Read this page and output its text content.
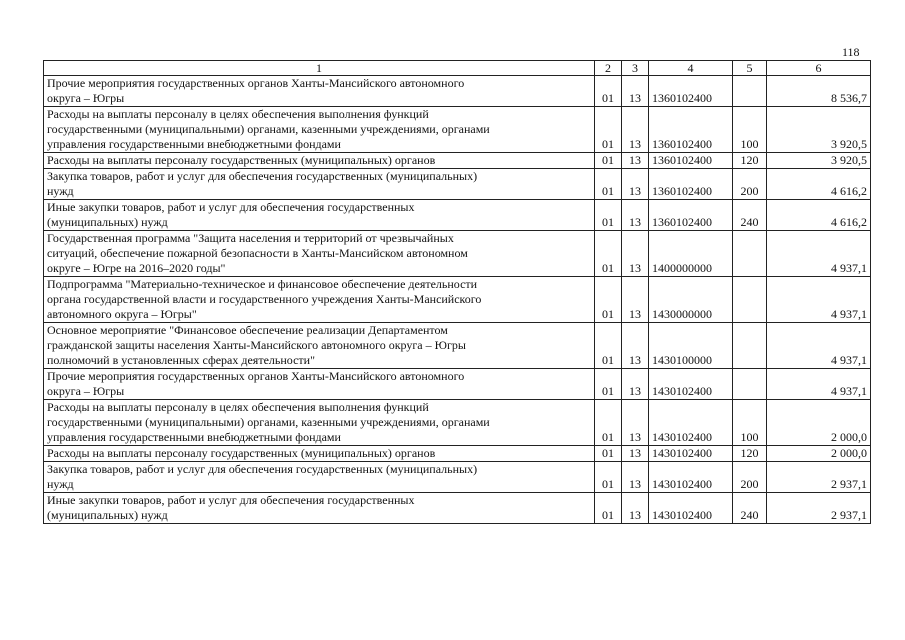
118
1	2	3	4	5	6

Прочие мероприятия государственных органов Ханты-Мансийского автономного
округа – Югры	01	13	1360102400		8 536,7

Расходы на выплаты персоналу в целях обеспечения выполнения функций
государственными (муниципальными) органами, казенными учреждениями, органами
управления государственными внебюджетными фондами	01	13	1360102400	100	3 920,5

Расходы на выплаты персоналу государственных (муниципальных) органов	01	13	1360102400	120	3 920,5

Закупка товаров, работ и услуг для обеспечения государственных (муниципальных)
нужд	01	13	1360102400	200	4 616,2

Иные закупки товаров, работ и услуг для обеспечения государственных
(муниципальных) нужд	01	13	1360102400	240	4 616,2

Государственная программа "Защита населения и территорий от чрезвычайных
ситуаций, обеспечение пожарной безопасности в Ханты-Мансийском автономном
округе – Югре на 2016–2020 годы"	01	13	1400000000		4 937,1

Подпрограмма "Материально-техническое и финансовое обеспечение деятельности
органа государственной власти и государственного учреждения Ханты-Мансийского
автономного округа – Югры"	01	13	1430000000		4 937,1

Основное мероприятие "Финансовое обеспечение реализации Департаментом
гражданской защиты населения Ханты-Мансийского автономного округа – Югры
полномочий в установленных сферах деятельности"	01	13	1430100000		4 937,1

Прочие мероприятия государственных органов Ханты-Мансийского автономного
округа – Югры	01	13	1430102400		4 937,1

Расходы на выплаты персоналу в целях обеспечения выполнения функций
государственными (муниципальными) органами, казенными учреждениями, органами
управления государственными внебюджетными фондами	01	13	1430102400	100	2 000,0

Расходы на выплаты персоналу государственных (муниципальных) органов	01	13	1430102400	120	2 000,0

Закупка товаров, работ и услуг для обеспечения государственных (муниципальных)
нужд	01	13	1430102400	200	2 937,1

Иные закупки товаров, работ и услуг для обеспечения государственных
(муниципальных) нужд	01	13	1430102400	240	2 937,1
